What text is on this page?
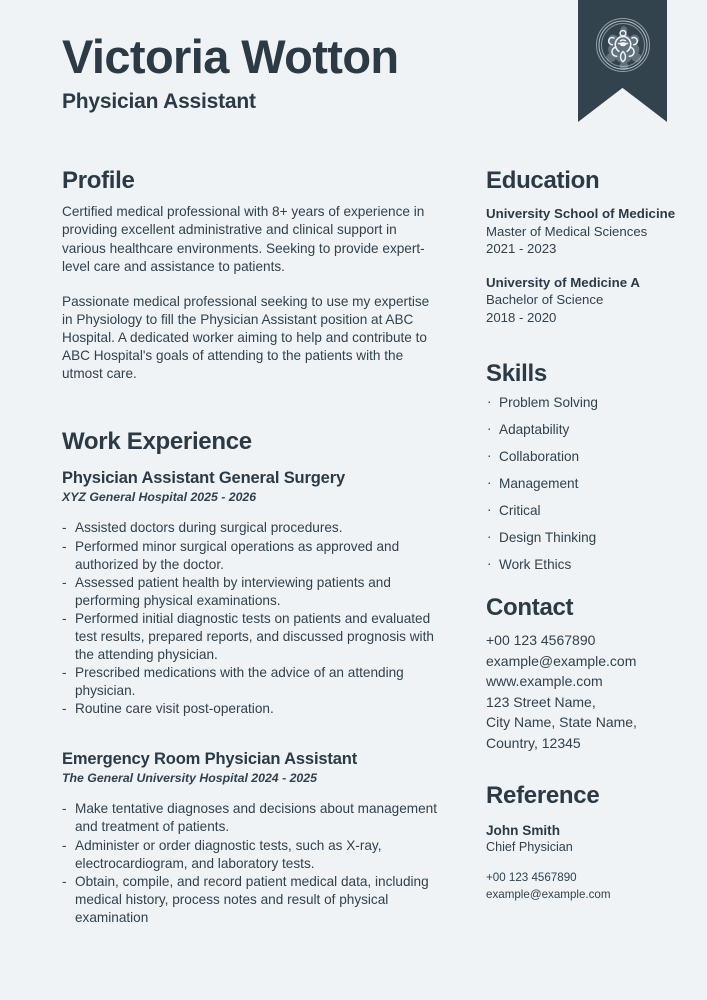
Victoria Wotton
Physician Assistant
Profile

Certified medical professional with 8+ years of experience in providing excellent administrative and clinical support in various healthcare environments. Seeking to provide expert-level care and assistance to patients.

Passionate medical professional seeking to use my expertise in Physiology to fill the Physician Assistant position at ABC Hospital. A dedicated worker aiming to help and contribute to ABC Hospital's goals of attending to the patients with the utmost care.

Work Experience
Physician Assistant General Surgery
XYZ General Hospital 2025 - 2026
- Assisted doctors during surgical procedures.
- Performed minor surgical operations as approved and authorized by the doctor.
- Assessed patient health by interviewing patients and performing physical examinations.
- Performed initial diagnostic tests on patients and evaluated test results, prepared reports, and discussed prognosis with the attending physician.
- Prescribed medications with the advice of an attending physician.
- Routine care visit post-operation.
Emergency Room Physician Assistant
The General University Hospital 2024 - 2025
- Make tentative diagnoses and decisions about management and treatment of patients.
- Administer or order diagnostic tests, such as X-ray, electrocardiogram, and laboratory tests.
- Obtain, compile, and record patient medical data, including medical history, process notes and result of physical examination
Education
University School of Medicine
Master of Medical Sciences
2021 - 2023
University of Medicine A
Bachelor of Science
2018 - 2020
Skills
· Problem Solving
· Adaptability
· Collaboration
· Management
· Critical
· Design Thinking
· Work Ethics
Contact
+00 123 4567890
example@example.com
www.example.com
123 Street Name,
City Name, State Name,
Country, 12345
Reference
John Smith
Chief Physician
+00 123 4567890
example@example.com
